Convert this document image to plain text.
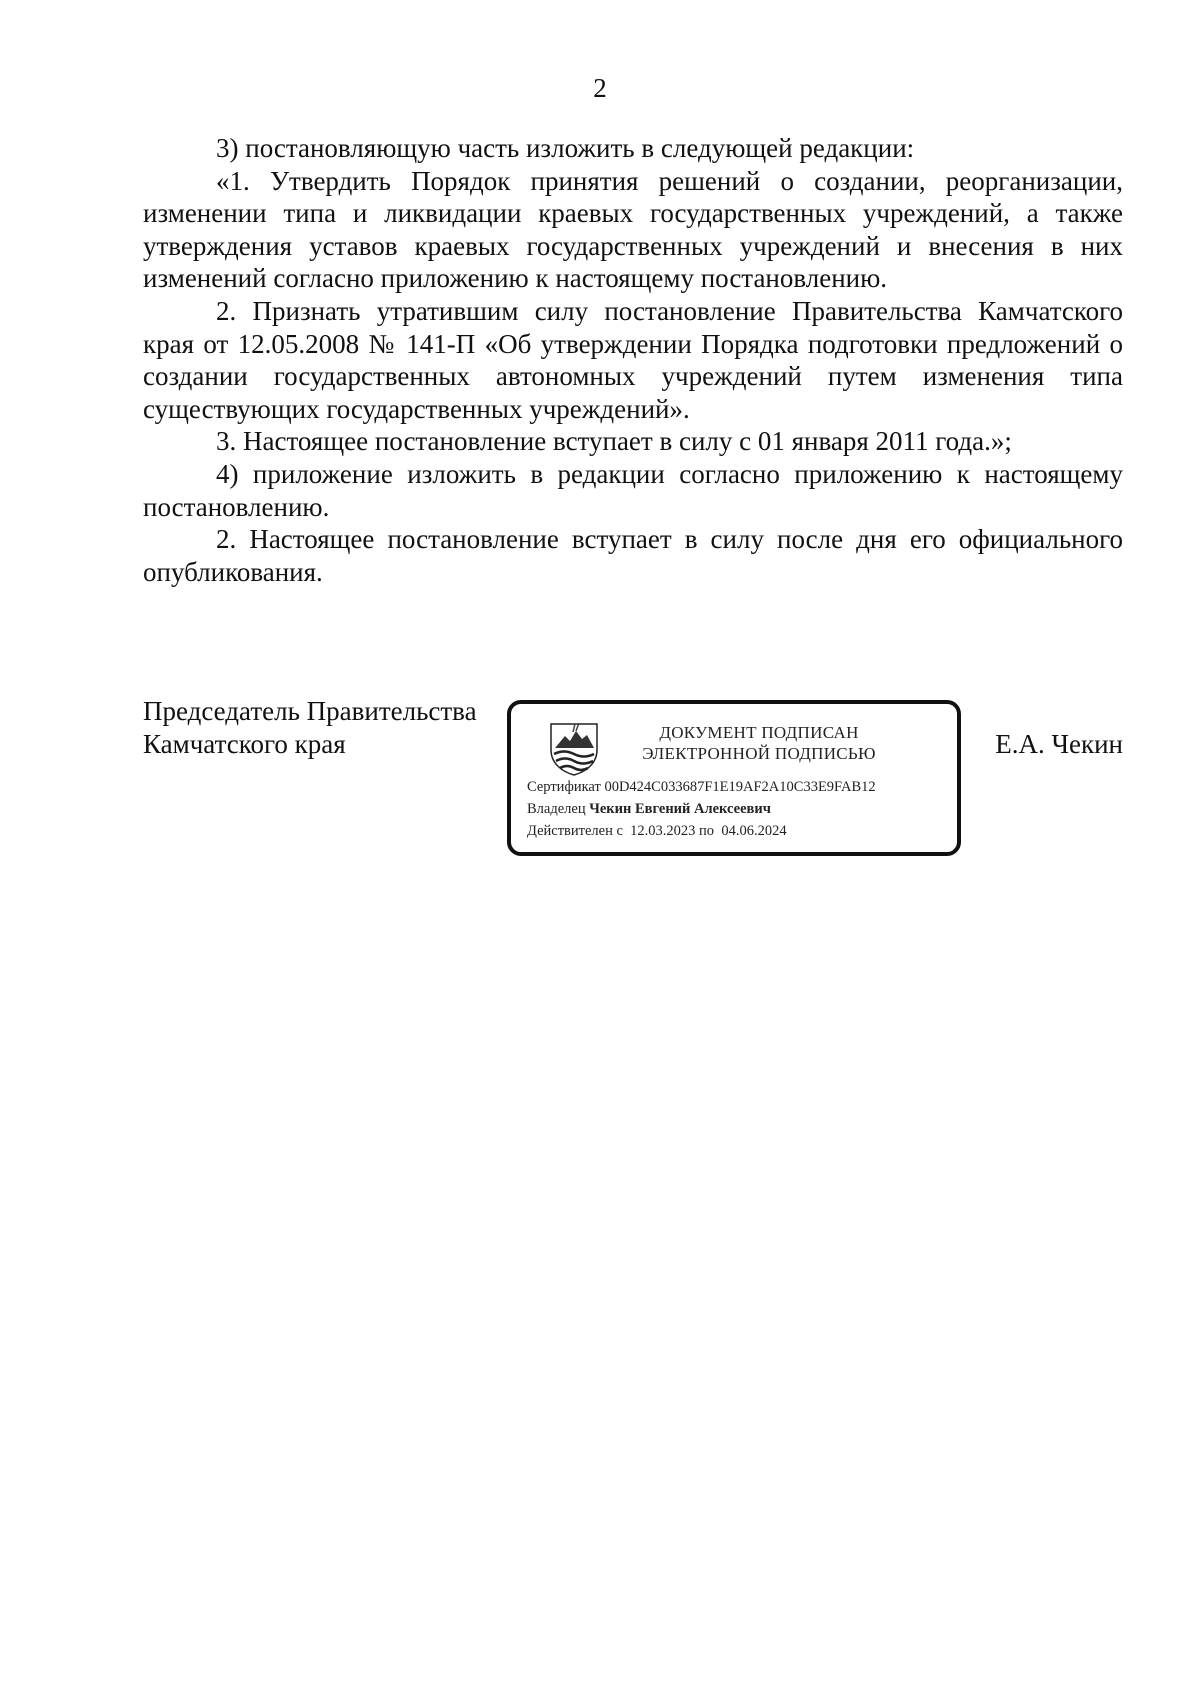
2

3) постановляющую часть изложить в следующей редакции:

«1. Утвердить Порядок принятия решений о создании, реорганизации, изменении типа и ликвидации краевых государственных учреждений, а также утверждения уставов краевых государственных учреждений и внесения в них изменений согласно приложению к настоящему постановлению.

2. Признать утратившим силу постановление Правительства Камчатского края от 12.05.2008 № 141-П «Об утверждении Порядка подготовки предложений о создании государственных автономных учреждений путем изменения типа существующих государственных учреждений».

3. Настоящее постановление вступает в силу с 01 января 2011 года.»;

4) приложение изложить в редакции согласно приложению к настоящему постановлению.

2. Настоящее постановление вступает в силу после дня его официального опубликования.

Председатель Правительства
Камчатского края	ДОКУМЕНТ ПОДПИСАН
ЭЛЕКТРОННОЙ ПОДПИСЬЮ
Сертификат 00D424C033687F1E19AF2A10C33E9FAB12
Владелец Чекин Евгений Алексеевич
Действителен с 12.03.2023 по 04.06.2024
Е.А. Чекин
